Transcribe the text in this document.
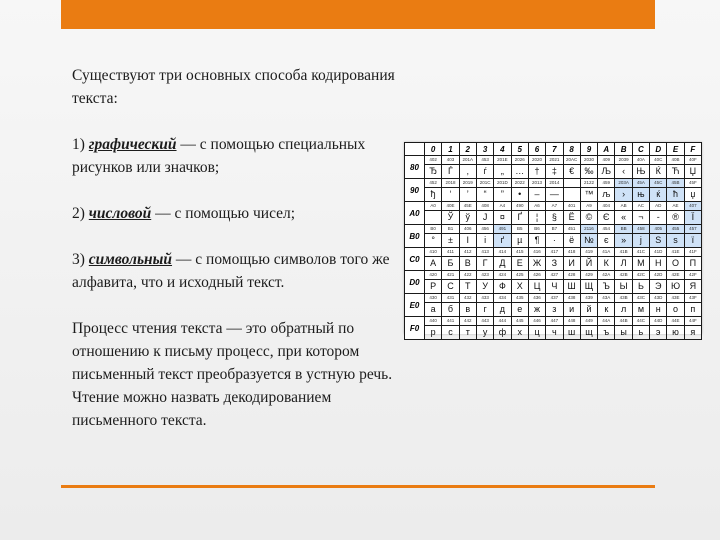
Существуют три основных способа кодирования текста:

1) графический — с помощью специальных рисунков или значков;

2) числовой — с помощью чисел;

3) символьный — с помощью символов того же алфавита, что и исходный текст.

Процесс чтения текста — это обратный по отношению к письму процесс, при котором письменный текст преобразуется в устную речь. Чтение можно назвать декодированием письменного текста.

	0	1	2	3	4	5	6	7	8	9	A	B	C	D	E	F
80	402	403	201A	453	201E	2026	2020	2021	20AC	2030	409	2039	40A	40C	40B	40F
	Ђ	Ѓ	‚	ѓ	„	…	†	‡	€	‰	Љ	‹	Њ	Ќ	Ћ	Џ
90	452	2018	2019	201C	201D	2022	2013	2014		2122	459	203A	45A	45C	45B	45F
	ђ	‘	’	“	”	•	–	—		™	љ	›	њ	ќ	ћ	џ
A0	A0	40E	45E	408	A4	490	A6	A7	401	A9	404	AB	AC	AD	AE	407
		Ў	ў	Ј	¤	Ґ	¦	§	Ё	©	Є	«	¬	-	®	Ї
B0	B0	B1	406	456	491	B5	B6	B7	451	2116	454	BB	458	405	455	457
	°	±	І	і	ґ	µ	¶	·	ё	№	є	»	ј	Ѕ	ѕ	ї
C0	410	411	412	413	414	415	416	417	418	419	41A	41B	41C	41D	41E	41F
	А	Б	В	Г	Д	Е	Ж	З	И	Й	К	Л	М	Н	О	П
D0	420	421	422	423	424	425	426	427	428	429	42A	42B	42C	42D	42E	42F
	Р	С	Т	У	Ф	Х	Ц	Ч	Ш	Щ	Ъ	Ы	Ь	Э	Ю	Я
E0	430	431	432	433	434	435	436	437	438	439	43A	43B	43C	43D	43E	43F
	а	б	в	г	д	е	ж	з	и	й	к	л	м	н	о	п
F0	440	441	442	443	444	445	446	447	448	449	44A	44B	44C	44D	44E	44F
	р	с	т	у	ф	х	ц	ч	ш	щ	ъ	ы	ь	э	ю	я
